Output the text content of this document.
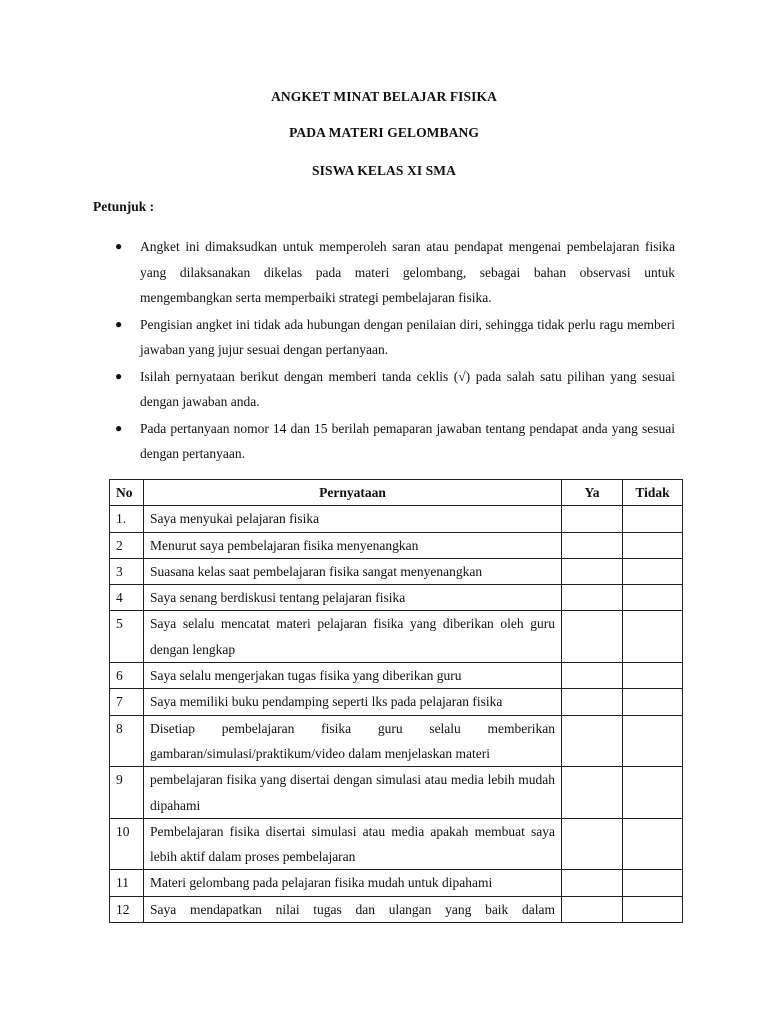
ANGKET MINAT BELAJAR FISIKA
PADA MATERI GELOMBANG
SISWA KELAS XI SMA
Petunjuk :
● Angket ini dimaksudkan untuk memperoleh saran atau pendapat mengenai pembelajaran fisika yang dilaksanakan dikelas pada materi gelombang, sebagai bahan observasi untuk mengembangkan serta memperbaiki strategi pembelajaran fisika.
● Pengisian angket ini tidak ada hubungan dengan penilaian diri, sehingga tidak perlu ragu memberi jawaban yang jujur sesuai dengan pertanyaan.
● Isilah pernyataan berikut dengan memberi tanda ceklis (√) pada salah satu pilihan yang sesuai dengan jawaban anda.
● Pada pertanyaan nomor 14 dan 15 berilah pemaparan jawaban tentang pendapat anda yang sesuai dengan pertanyaan.
No	Pernyataan	Ya	Tidak
1.	Saya menyukai pelajaran fisika		
2	Menurut saya pembelajaran fisika menyenangkan		
3	Suasana kelas saat pembelajaran fisika sangat menyenangkan		
4	Saya senang berdiskusi tentang pelajaran fisika		
5	Saya selalu mencatat materi pelajaran fisika yang diberikan oleh guru dengan lengkap		
6	Saya selalu mengerjakan tugas fisika yang diberikan guru		
7	Saya memiliki buku pendamping seperti lks pada pelajaran fisika		
8	Disetiap pembelajaran fisika guru selalu memberikan gambaran/simulasi/praktikum/video dalam menjelaskan materi		
9	pembelajaran fisika yang disertai dengan simulasi atau media lebih mudah dipahami		
10	Pembelajaran fisika disertai simulasi atau media apakah membuat saya lebih aktif dalam proses pembelajaran		
11	Materi gelombang pada pelajaran fisika mudah untuk dipahami		
12	Saya mendapatkan nilai tugas dan ulangan yang baik dalam		
